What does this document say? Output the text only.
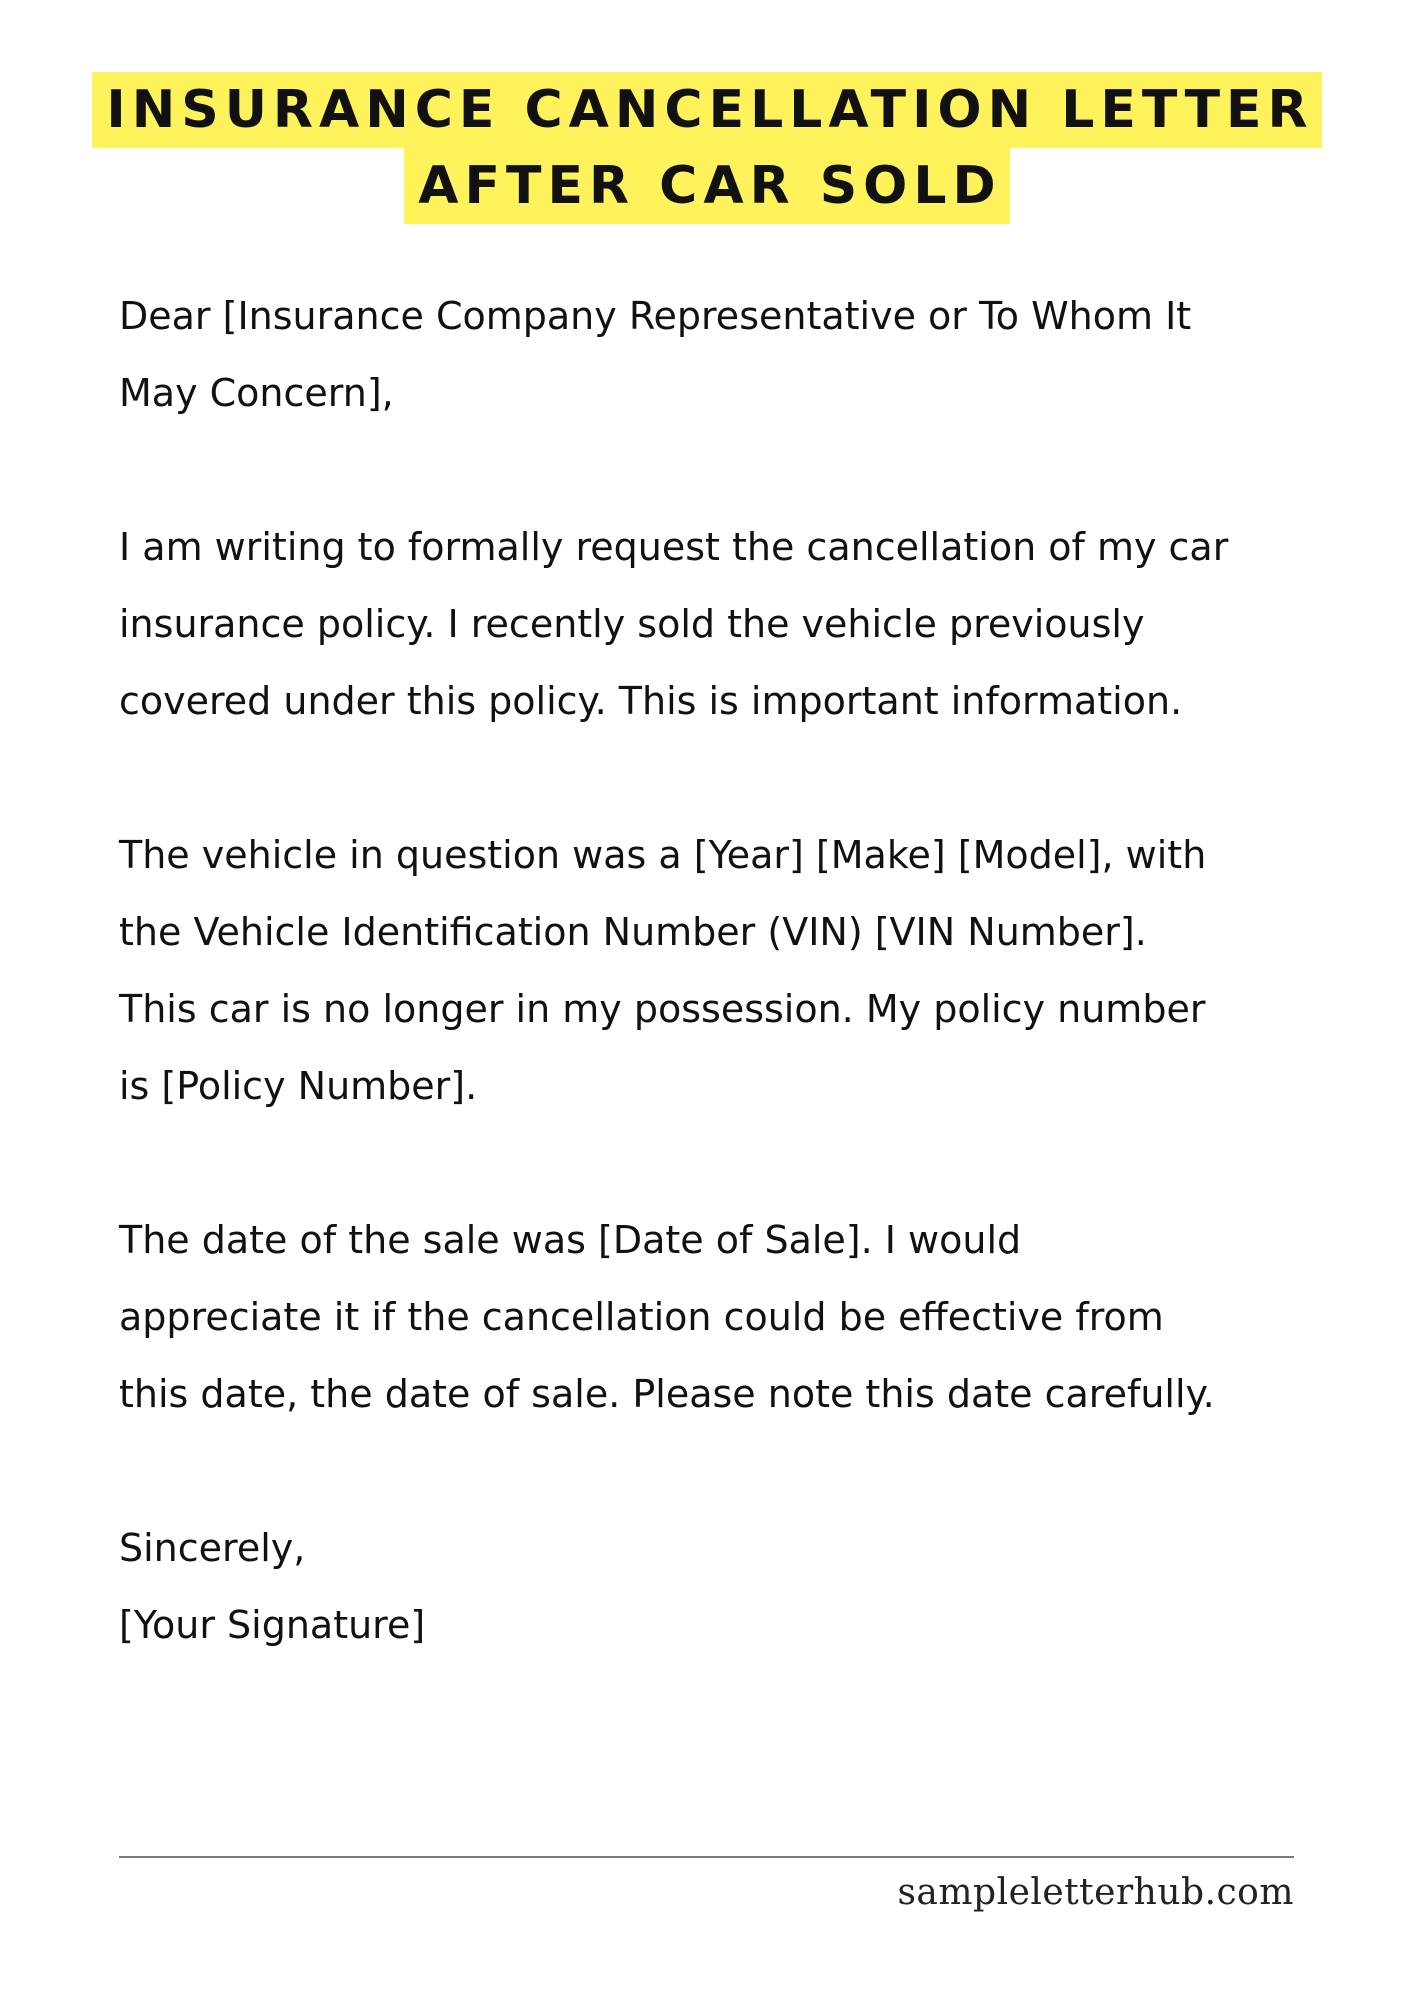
INSURANCE CANCELLATION LETTER
AFTER CAR SOLD

Dear [Insurance Company Representative or To Whom It

May Concern],

I am writing to formally request the cancellation of my car

insurance policy. I recently sold the vehicle previously

covered under this policy. This is important information.

The vehicle in question was a [Year] [Make] [Model], with

the Vehicle Identification Number (VIN) [VIN Number].

This car is no longer in my possession. My policy number

is [Policy Number].

The date of the sale was [Date of Sale]. I would

appreciate it if the cancellation could be effective from

this date, the date of sale. Please note this date carefully.

Sincerely,

[Your Signature]

sampleletterhub.com
